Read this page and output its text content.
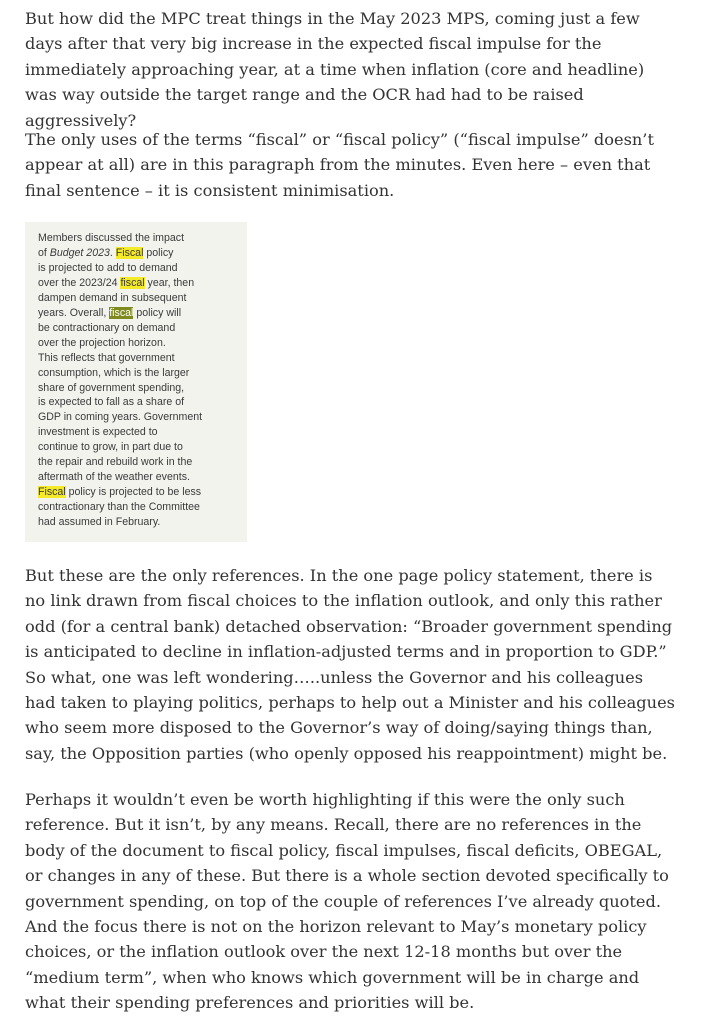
But how did the MPC treat things in the May 2023 MPS, coming just a few days after that very big increase in the expected fiscal impulse for the immediately approaching year, at a time when inflation (core and headline) was way outside the target range and the OCR had had to be raised aggressively?

The only uses of the terms “fiscal” or “fiscal policy” (“fiscal impulse” doesn’t appear at all) are in this paragraph from the minutes. Even here – even that final sentence – it is consistent minimisation.

Members discussed the impact
of Budget 2023. Fiscal policy
is projected to add to demand
over the 2023/24 fiscal year, then
dampen demand in subsequent
years. Overall, fiscal policy will
be contractionary on demand
over the projection horizon.
This reflects that government
consumption, which is the larger
share of government spending,
is expected to fall as a share of
GDP in coming years. Government
investment is expected to
continue to grow, in part due to
the repair and rebuild work in the
aftermath of the weather events.
Fiscal policy is projected to be less
contractionary than the Committee
had assumed in February.

But these are the only references. In the one page policy statement, there is no link drawn from fiscal choices to the inflation outlook, and only this rather odd (for a central bank) detached observation: “Broader government spending is anticipated to decline in inflation-adjusted terms and in proportion to GDP.” So what, one was left wondering…..unless the Governor and his colleagues had taken to playing politics, perhaps to help out a Minister and his colleagues who seem more disposed to the Governor’s way of doing/saying things than, say, the Opposition parties (who openly opposed his reappointment) might be.

Perhaps it wouldn’t even be worth highlighting if this were the only such reference. But it isn’t, by any means. Recall, there are no references in the body of the document to fiscal policy, fiscal impulses, fiscal deficits, OBEGAL, or changes in any of these. But there is a whole section devoted specifically to government spending, on top of the couple of references I’ve already quoted. And the focus there is not on the horizon relevant to May’s monetary policy choices, or the inflation outlook over the next 12-18 months but over the “medium term”, when who knows which government will be in charge and what their spending preferences and priorities will be.
